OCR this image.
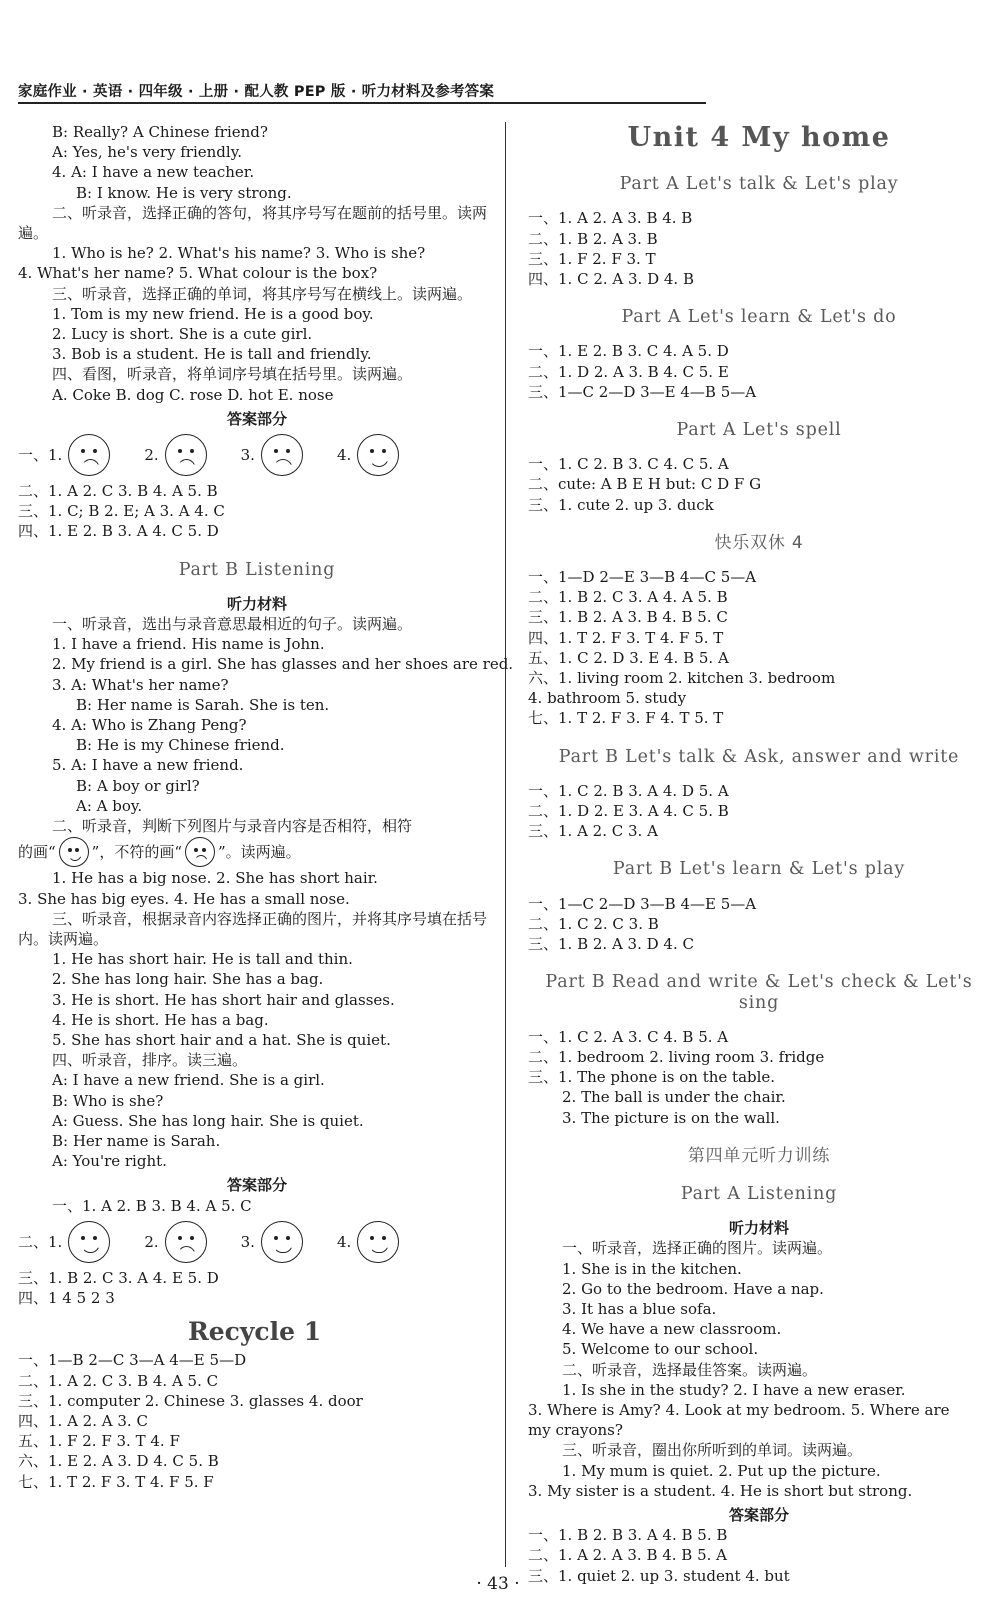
家庭作业 · 英语 · 四年级 · 上册 · 配人教 PEP 版 · 听力材料及参考答案
B: Really? A Chinese friend?
A: Yes, he's very friendly.
4. A: I have a new teacher.
B: I know. He is very strong.
二、听录音，选择正确的答句，将其序号写在题前的括号里。读两遍。
1. Who is he? 2. What's his name? 3. Who is she?
4. What's her name? 5. What colour is the box?
三、听录音，选择正确的单词，将其序号写在横线上。读两遍。
1. Tom is my new friend. He is a good boy.
2. Lucy is short. She is a cute girl.
3. Bob is a student. He is tall and friendly.
四、看图，听录音，将单词序号填在括号里。读两遍。
A. Coke B. dog C. rose D. hot E. nose
答案部分
一、1.	2.	3.	4.
二、1. A 2. C 3. B 4. A 5. B
三、1. C; B 2. E; A 3. A 4. C
四、1. E 2. B 3. A 4. C 5. D
Part B Listening
听力材料
一、听录音，选出与录音意思最相近的句子。读两遍。
1. I have a friend. His name is John.
2. My friend is a girl. She has glasses and her shoes are red.
3. A: What's her name?
B: Her name is Sarah. She is ten.
4. A: Who is Zhang Peng?
B: He is my Chinese friend.
5. A: I have a new friend.
B: A boy or girl?
A: A boy.
二、听录音，判断下列图片与录音内容是否相符，相符
的画“ ”，不符的画“ ”。读两遍。
1. He has a big nose. 2. She has short hair.
3. She has big eyes. 4. He has a small nose.
三、听录音，根据录音内容选择正确的图片，并将其序号填在括号内。读两遍。
1. He has short hair. He is tall and thin.
2. She has long hair. She has a bag.
3. He is short. He has short hair and glasses.
4. He is short. He has a bag.
5. She has short hair and a hat. She is quiet.
四、听录音，排序。读三遍。
A: I have a new friend. She is a girl.
B: Who is she?
A: Guess. She has long hair. She is quiet.
B: Her name is Sarah.
A: You're right.
答案部分
一、1. A 2. B 3. B 4. A 5. C
二、1.	2.	3.	4.
三、1. B 2. C 3. A 4. E 5. D
四、1 4 5 2 3
Recycle 1
一、1—B 2—C 3—A 4—E 5—D
二、1. A 2. C 3. B 4. A 5. C
三、1. computer 2. Chinese 3. glasses 4. door
四、1. A 2. A 3. C
五、1. F 2. F 3. T 4. F
六、1. E 2. A 3. D 4. C 5. B
七、1. T 2. F 3. T 4. F 5. F
Unit 4 My home
Part A Let's talk & Let's play
一、1. A 2. A 3. B 4. B
二、1. B 2. A 3. B
三、1. F 2. F 3. T
四、1. C 2. A 3. D 4. B
Part A Let's learn & Let's do
一、1. E 2. B 3. C 4. A 5. D
二、1. D 2. A 3. B 4. C 5. E
三、1—C 2—D 3—E 4—B 5—A
Part A Let's spell
一、1. C 2. B 3. C 4. C 5. A
二、cute: A B E H but: C D F G
三、1. cute 2. up 3. duck
快乐双休 4
一、1—D 2—E 3—B 4—C 5—A
二、1. B 2. C 3. A 4. A 5. B
三、1. B 2. A 3. B 4. B 5. C
四、1. T 2. F 3. T 4. F 5. T
五、1. C 2. D 3. E 4. B 5. A
六、1. living room 2. kitchen 3. bedroom
4. bathroom 5. study
七、1. T 2. F 3. F 4. T 5. T
Part B Let's talk & Ask, answer and write
一、1. C 2. B 3. A 4. D 5. A
二、1. D 2. E 3. A 4. C 5. B
三、1. A 2. C 3. A
Part B Let's learn & Let's play
一、1—C 2—D 3—B 4—E 5—A
二、1. C 2. C 3. B
三、1. B 2. A 3. D 4. C
Part B Read and write & Let's check & Let's sing
一、1. C 2. A 3. C 4. B 5. A
二、1. bedroom 2. living room 3. fridge
三、1. The phone is on the table.
2. The ball is under the chair.
3. The picture is on the wall.
第四单元听力训练
Part A Listening
听力材料
一、听录音，选择正确的图片。读两遍。
1. She is in the kitchen.
2. Go to the bedroom. Have a nap.
3. It has a blue sofa.
4. We have a new classroom.
5. Welcome to our school.
二、听录音，选择最佳答案。读两遍。
1. Is she in the study? 2. I have a new eraser.
3. Where is Amy? 4. Look at my bedroom. 5. Where are
my crayons?
三、听录音，圈出你所听到的单词。读两遍。
1. My mum is quiet. 2. Put up the picture.
3. My sister is a student. 4. He is short but strong.
答案部分
一、1. B 2. B 3. A 4. B 5. B
二、1. A 2. A 3. B 4. B 5. A
三、1. quiet 2. up 3. student 4. but
· 43 ·
